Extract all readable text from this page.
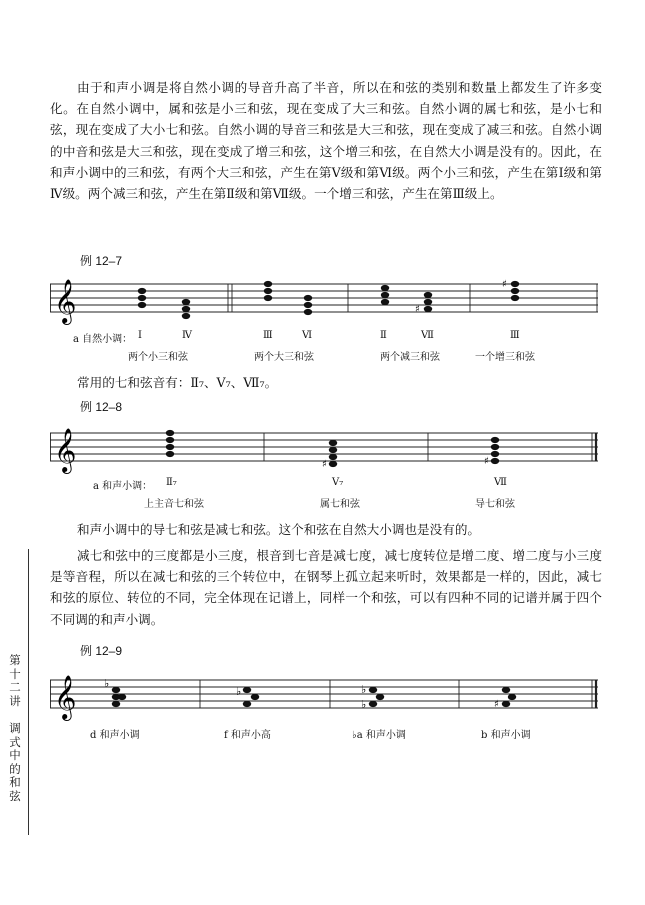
由于和声小调是将自然小调的导音升高了半音，所以在和弦的类别和数量上都发生了许多变化。在自然小调中，属和弦是小三和弦，现在变成了大三和弦。自然小调的属七和弦，是小七和弦，现在变成了大小七和弦。自然小调的导音三和弦是大三和弦，现在变成了减三和弦。自然小调的中音和弦是大三和弦，现在变成了增三和弦，这个增三和弦，在自然大小调是没有的。因此，在和声小调中的三和弦，有两个大三和弦，产生在第Ⅴ级和第Ⅵ级。两个小三和弦，产生在第Ⅰ级和第Ⅳ级。两个减三和弦，产生在第Ⅱ级和第Ⅶ级。一个增三和弦，产生在第Ⅲ级上。

例 12–7
𝄞	♯
♯
a 自然小调： Ⅰ	Ⅳ	Ⅲ	Ⅵ	Ⅱ	Ⅶ	Ⅲ
两个小三和弦	两个大三和弦	两个减三和弦	一个增三和弦

常用的七和弦音有：Ⅱ₇、Ⅴ₇、Ⅶ₇。

例 12–8
𝄞	♯	♯
a 和声小调： Ⅱ₇	V₇	Ⅶ
上主音七和弦	属七和弦	导七和弦

和声小调中的导七和弦是减七和弦。这个和弦在自然大小调也是没有的。

减七和弦中的三度都是小三度，根音到七音是减七度，减七度转位是增二度、增二度与小三度是等音程，所以在减七和弦的三个转位中，在钢琴上孤立起来听时，效果都是一样的，因此，减七和弦的原位、转位的不同，完全体现在记谱上，同样一个和弦，可以有四种不同的记谱并属于四个不同调的和声小调。

例 12–9
𝄞	♭
♭	♭
♭	♯
d 和声小调	f 和声小高	♭a 和声小调	b 和声小调
第
十
二
讲
调
式
中
的
和
弦
